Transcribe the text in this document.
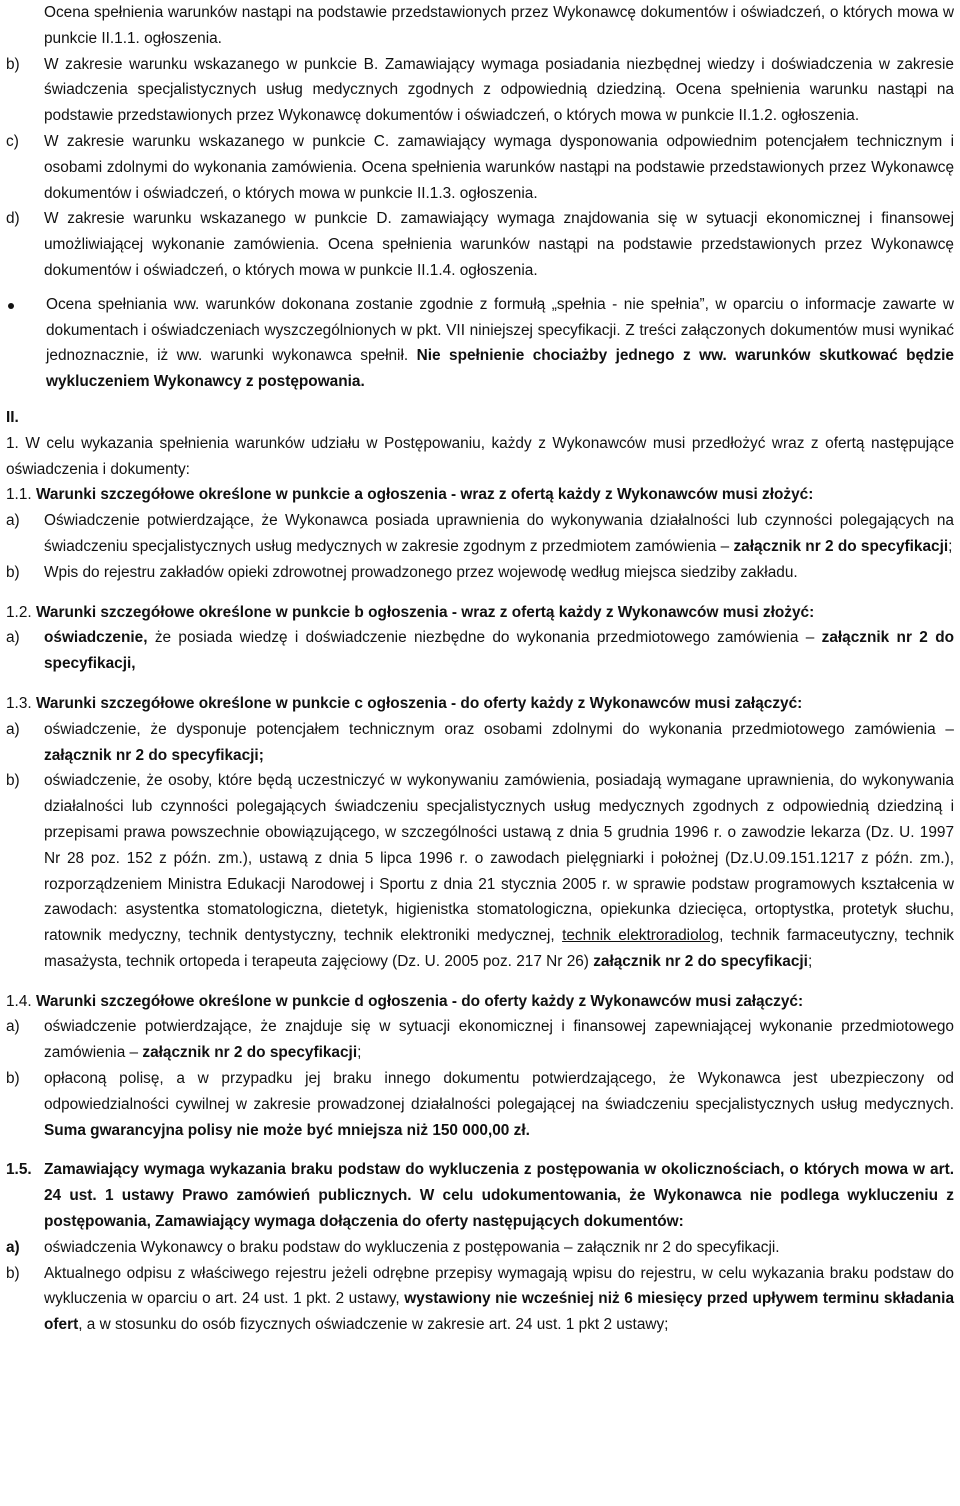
Ocena spełnienia warunków nastąpi na podstawie przedstawionych przez Wykonawcę dokumentów i oświadczeń, o których mowa w punkcie II.1.1. ogłoszenia.
b)	W zakresie warunku wskazanego w punkcie B. Zamawiający wymaga posiadania niezbędnej wiedzy i doświadczenia w zakresie świadczenia specjalistycznych usług medycznych zgodnych z odpowiednią dziedziną. Ocena spełnienia warunku nastąpi na podstawie przedstawionych przez Wykonawcę dokumentów i oświadczeń, o których mowa w punkcie II.1.2. ogłoszenia.
c)	W zakresie warunku wskazanego w punkcie C. zamawiający wymaga dysponowania odpowiednim potencjałem technicznym i osobami zdolnymi do wykonania zamówienia. Ocena spełnienia warunków nastąpi na podstawie przedstawionych przez Wykonawcę dokumentów i oświadczeń, o których mowa w punkcie II.1.3. ogłoszenia.
d)	W zakresie warunku wskazanego w punkcie D. zamawiający wymaga znajdowania się w sytuacji ekonomicznej i finansowej umożliwiającej wykonanie zamówienia. Ocena spełnienia warunków nastąpi na podstawie przedstawionych przez Wykonawcę dokumentów i oświadczeń, o których mowa w punkcie II.1.4. ogłoszenia.
Ocena spełniania ww. warunków dokonana zostanie zgodnie z formułą „spełnia - nie spełnia”, w oparciu o informacje zawarte w dokumentach i oświadczeniach wyszczególnionych w pkt. VII niniejszej specyfikacji. Z treści załączonych dokumentów musi wynikać jednoznacznie, iż ww. warunki wykonawca spełnił. Nie spełnienie chociażby jednego z ww. warunków skutkować będzie wykluczeniem Wykonawcy z postępowania.
II.
1. W celu wykazania spełnienia warunków udziału w Postępowaniu, każdy z Wykonawców musi przedłożyć wraz z ofertą następujące oświadczenia i dokumenty:
1.1. Warunki szczegółowe określone w punkcie a ogłoszenia - wraz z ofertą każdy z Wykonawców musi złożyć:
a)	Oświadczenie potwierdzające, że Wykonawca posiada uprawnienia do wykonywania działalności lub czynności polegających na świadczeniu specjalistycznych usług medycznych w zakresie zgodnym z przedmiotem zamówienia – załącznik nr 2 do specyfikacji;
b)	Wpis do rejestru zakładów opieki zdrowotnej prowadzonego przez wojewodę według miejsca siedziby zakładu.
1.2. Warunki szczegółowe określone w punkcie b ogłoszenia - wraz z ofertą każdy z Wykonawców musi złożyć:
a)	oświadczenie, że posiada wiedzę i doświadczenie niezbędne do wykonania przedmiotowego zamówienia – załącznik nr 2 do specyfikacji,
1.3. Warunki szczegółowe określone w punkcie c ogłoszenia - do oferty każdy z Wykonawców musi załączyć:
a)	oświadczenie, że dysponuje potencjałem technicznym oraz osobami zdolnymi do wykonania przedmiotowego zamówienia – załącznik nr 2 do specyfikacji;
b)	oświadczenie, że osoby, które będą uczestniczyć w wykonywaniu zamówienia, posiadają wymagane uprawnienia, do wykonywania działalności lub czynności polegających świadczeniu specjalistycznych usług medycznych zgodnych z odpowiednią dziedziną i przepisami prawa powszechnie obowiązującego, w szczególności ustawą z dnia 5 grudnia 1996 r. o zawodzie lekarza (Dz. U. 1997 Nr 28 poz. 152 z późn. zm.), ustawą z dnia 5 lipca 1996 r. o zawodach pielęgniarki i położnej (Dz.U.09.151.1217 z późn. zm.), rozporządzeniem Ministra Edukacji Narodowej i Sportu z dnia 21 stycznia 2005 r. w sprawie podstaw programowych kształcenia w zawodach: asystentka stomatologiczna, dietetyk, higienistka stomatologiczna, opiekunka dziecięca, ortoptystka, protetyk słuchu, ratownik medyczny, technik dentystyczny, technik elektroniki medycznej, technik elektroradiolog, technik farmaceutyczny, technik masażysta, technik ortopeda i terapeuta zajęciowy (Dz. U. 2005 poz. 217 Nr 26) załącznik nr 2 do specyfikacji;
1.4. Warunki szczegółowe określone w punkcie d ogłoszenia - do oferty każdy z Wykonawców musi załączyć:
a)	oświadczenie potwierdzające, że znajduje się w sytuacji ekonomicznej i finansowej zapewniającej wykonanie przedmiotowego zamówienia – załącznik nr 2 do specyfikacji;
b)	opłaconą polisę, a w przypadku jej braku innego dokumentu potwierdzającego, że Wykonawca jest ubezpieczony od odpowiedzialności cywilnej w zakresie prowadzonej działalności polegającej na świadczeniu specjalistycznych usług medycznych. Suma gwarancyjna polisy nie może być mniejsza niż 150 000,00 zł.
1.5. Zamawiający wymaga wykazania braku podstaw do wykluczenia z postępowania w okolicznościach, o których mowa w art. 24 ust. 1 ustawy Prawo zamówień publicznych. W celu udokumentowania, że Wykonawca nie podlega wykluczeniu z postępowania, Zamawiający wymaga dołączenia do oferty następujących dokumentów:
a)	oświadczenia Wykonawcy o braku podstaw do wykluczenia z postępowania – załącznik nr 2 do specyfikacji.
b)	Aktualnego odpisu z właściwego rejestru jeżeli odrębne przepisy wymagają wpisu do rejestru, w celu wykazania braku podstaw do wykluczenia w oparciu o art. 24 ust. 1 pkt. 2 ustawy, wystawiony nie wcześniej niż 6 miesięcy przed upływem terminu składania ofert, a w stosunku do osób fizycznych oświadczenie w zakresie art. 24 ust. 1 pkt 2 ustawy;
